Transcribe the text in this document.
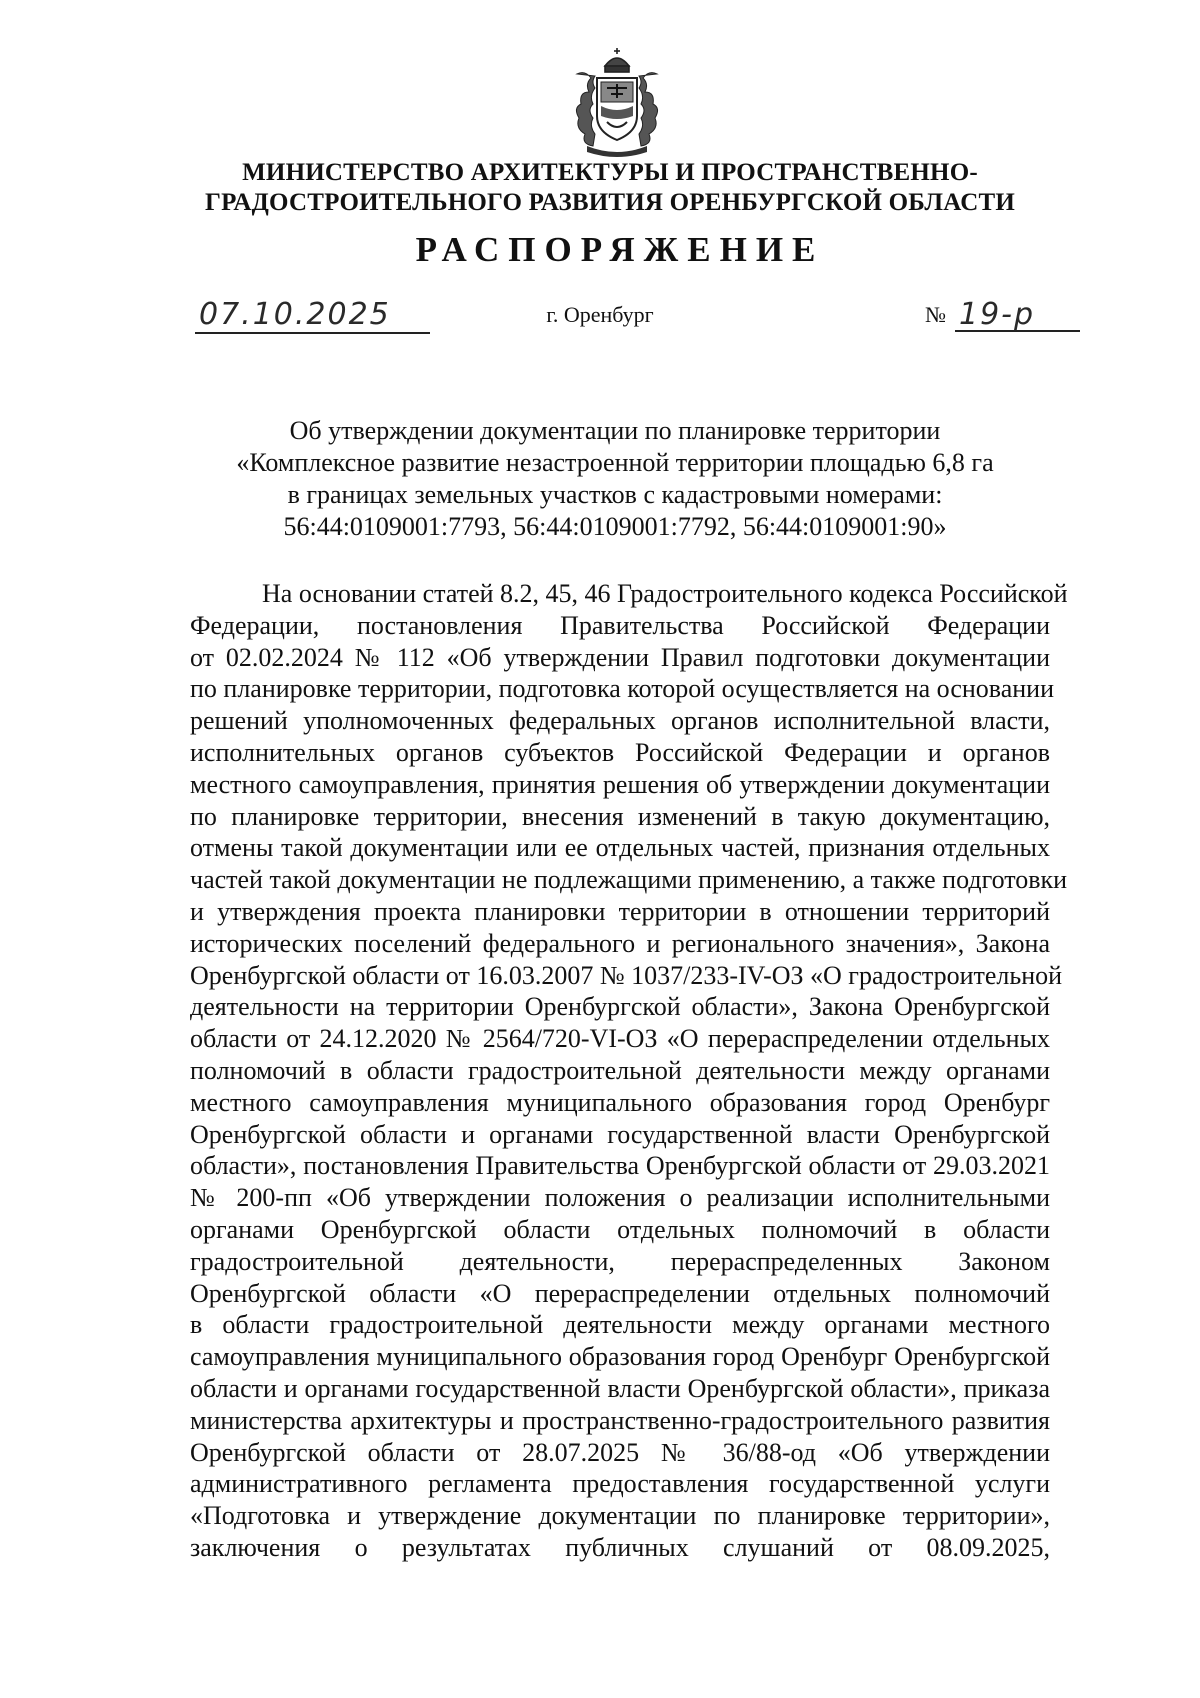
МИНИСТЕРСТВО АРХИТЕКТУРЫ И ПРОСТРАНСТВЕННО-
ГРАДОСТРОИТЕЛЬНОГО РАЗВИТИЯ ОРЕНБУРГСКОЙ ОБЛАСТИ
РАСПОРЯЖЕНИЕ
07.10.2025	г. Оренбург	№ 19-р
Об утверждении документации по планировке территории
«Комплексное развитие незастроенной территории площадью 6,8 га
в границах земельных участков с кадастровыми номерами:
56:44:0109001:7793, 56:44:0109001:7792, 56:44:0109001:90»
На основании статей 8.2, 45, 46 Градостроительного кодекса Российской
Федерации, постановления Правительства Российской Федерации
от 02.02.2024 № 112 «Об утверждении Правил подготовки документации
по планировке территории, подготовка которой осуществляется на основании
решений уполномоченных федеральных органов исполнительной власти,
исполнительных органов субъектов Российской Федерации и органов
местного самоуправления, принятия решения об утверждении документации
по планировке территории, внесения изменений в такую документацию,
отмены такой документации или ее отдельных частей, признания отдельных
частей такой документации не подлежащими применению, а также подготовки
и утверждения проекта планировки территории в отношении территорий
исторических поселений федерального и регионального значения», Закона
Оренбургской области от 16.03.2007 № 1037/233-IV-ОЗ «О градостроительной
деятельности на территории Оренбургской области», Закона Оренбургской
области от 24.12.2020 № 2564/720-VI-ОЗ «О перераспределении отдельных
полномочий в области градостроительной деятельности между органами
местного самоуправления муниципального образования город Оренбург
Оренбургской области и органами государственной власти Оренбургской
области», постановления Правительства Оренбургской области от 29.03.2021
№ 200-пп «Об утверждении положения о реализации исполнительными
органами Оренбургской области отдельных полномочий в области
градостроительной деятельности, перераспределенных Законом
Оренбургской области «О перераспределении отдельных полномочий
в области градостроительной деятельности между органами местного
самоуправления муниципального образования город Оренбург Оренбургской
области и органами государственной власти Оренбургской области», приказа
министерства архитектуры и пространственно-градостроительного развития
Оренбургской области от 28.07.2025 № 36/88-од «Об утверждении
административного регламента предоставления государственной услуги
«Подготовка и утверждение документации по планировке территории»,
заключения о результатах публичных слушаний от 08.09.2025,
